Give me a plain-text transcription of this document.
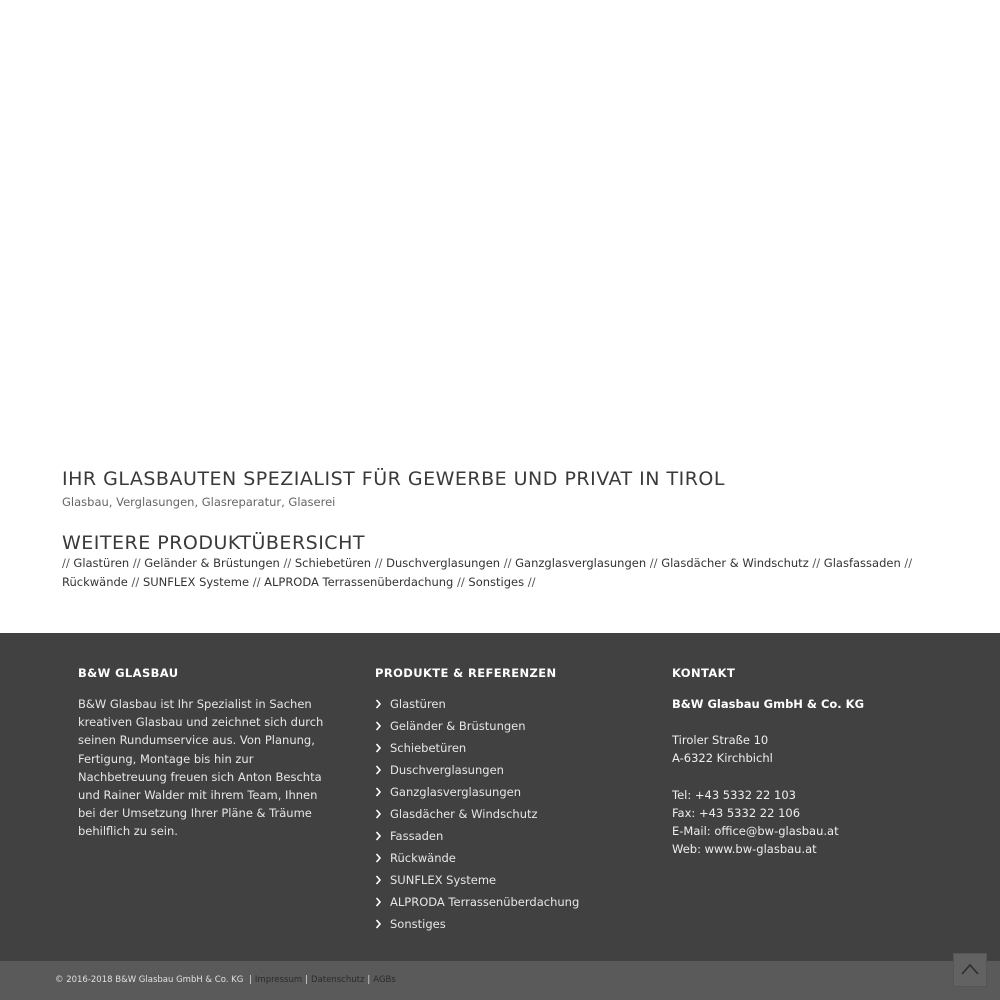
IHR GLASBAUTEN SPEZIALIST FÜR GEWERBE UND PRIVAT IN TIROL
Glasbau, Verglasungen, Glasreparatur, Glaserei
WEITERE PRODUKTÜBERSICHT
// Glastüren // Geländer & Brüstungen // Schiebetüren // Duschverglasungen // Ganzglasverglasungen // Glasdächer & Windschutz // Glasfassaden // Rückwände // SUNFLEX Systeme // ALPRODA Terrassenüberdachung // Sonstiges //
B&W GLASBAU

B&W Glasbau ist Ihr Spezialist in Sachen kreativen Glasbau und zeichnet sich durch seinen Rundumservice aus. Von Planung, Fertigung, Montage bis hin zur Nachbetreuung freuen sich Anton Beschta und Rainer Walder mit ihrem Team, Ihnen bei der Umsetzung Ihrer Pläne & Träume behilflich zu sein.

PRODUKTE & REFERENZEN
Glastüren
Geländer & Brüstungen
Schiebetüren
Duschverglasungen
Ganzglasverglasungen
Glasdächer & Windschutz
Fassaden
Rückwände
SUNFLEX Systeme
ALPRODA Terrassenüberdachung
Sonstiges
KONTAKT
B&W Glasbau GmbH & Co. KG
Tiroler Straße 10
A-6322 Kirchbichl
Tel: +43 5332 22 103
Fax: +43 5332 22 106
E-Mail: office@bw-glasbau.at
Web: www.bw-glasbau.at
© 2016-2018 B&W Glasbau GmbH & Co. KG | Impressum | Datenschutz | AGBs
